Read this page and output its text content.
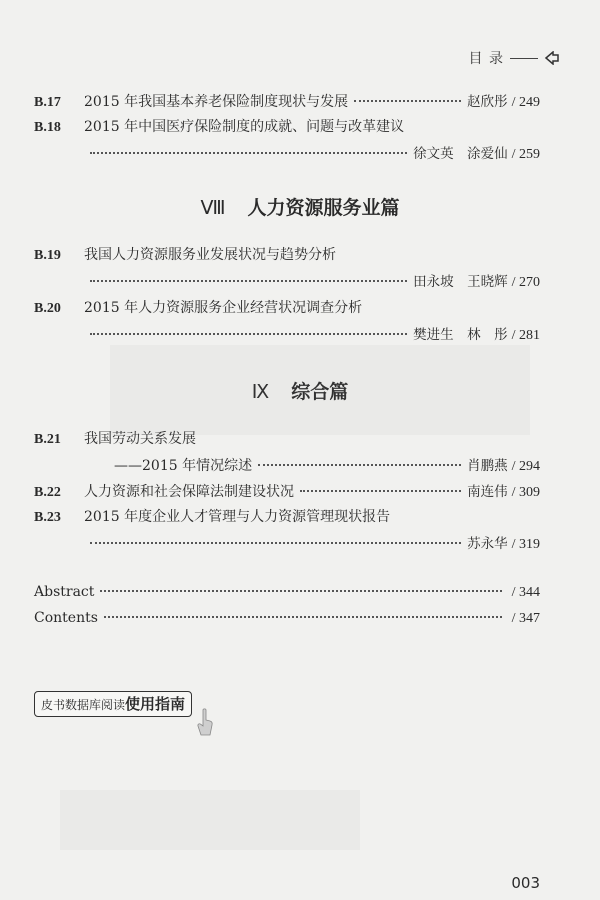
目 录
B.17	2015 年我国基本养老保险制度现状与发展	赵欣彤 / 249
B.18	2015 年中国医疗保险制度的成就、问题与改革建议
徐文英　涂爱仙 / 259
Ⅷ 人力资源服务业篇
B.19	我国人力资源服务业发展状况与趋势分析
田永坡　王晓辉 / 270
B.20	2015 年人力资源服务企业经营状况调查分析
樊进生　林　彤 / 281
Ⅸ 综合篇
B.21	我国劳动关系发展
——2015 年情况综述	肖鹏燕 / 294
B.22	人力资源和社会保障法制建设状况	南连伟 / 309
B.23	2015 年度企业人才管理与人力资源管理现状报告
苏永华 / 319
Abstract	/ 344
Contents	/ 347
皮书数据库阅读使用指南
003
